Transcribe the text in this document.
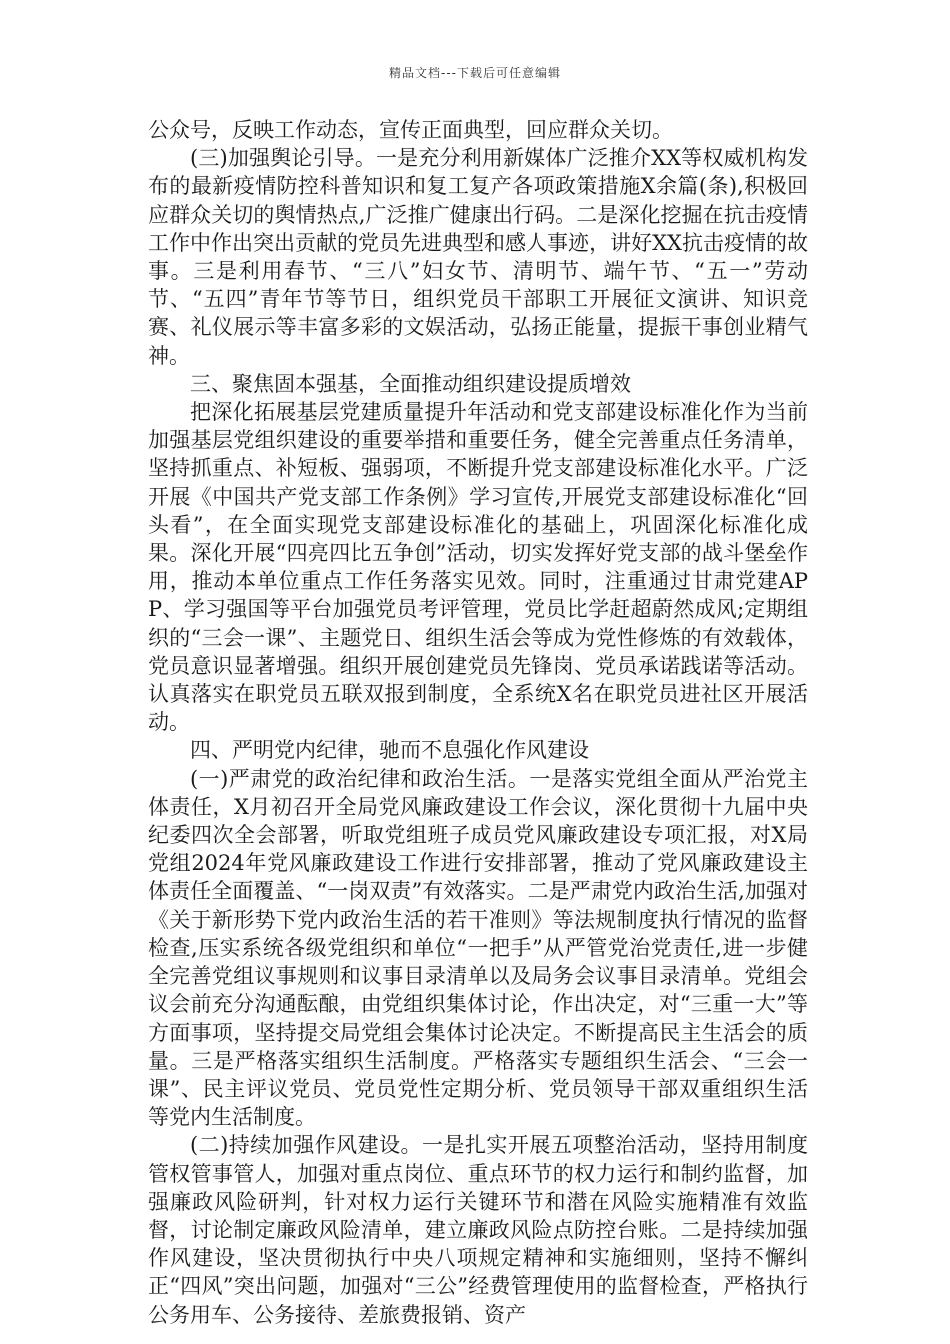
精品文档---下载后可任意编辑

公众号，反映工作动态，宣传正面典型，回应群众关切。

(三)加强舆论引导。一是充分利用新媒体广泛推介XX等权威机构发布的最新疫情防控科普知识和复工复产各项政策措施X余篇(条),积极回应群众关切的舆情热点,广泛推广健康出行码。二是深化挖掘在抗击疫情工作中作出突出贡献的党员先进典型和感人事迹，讲好XX抗击疫情的故事。三是利用春节、“三八”妇女节、清明节、端午节、“五一”劳动节、“五四”青年节等节日，组织党员干部职工开展征文演讲、知识竞赛、礼仪展示等丰富多彩的文娱活动，弘扬正能量，提振干事创业精气神。

三、聚焦固本强基，全面推动组织建设提质增效

把深化拓展基层党建质量提升年活动和党支部建设标准化作为当前加强基层党组织建设的重要举措和重要任务，健全完善重点任务清单，坚持抓重点、补短板、强弱项，不断提升党支部建设标准化水平。广泛开展《中国共产党支部工作条例》学习宣传,开展党支部建设标准化“回头看”，在全面实现党支部建设标准化的基础上，巩固深化标准化成果。深化开展“四亮四比五争创”活动，切实发挥好党支部的战斗堡垒作用，推动本单位重点工作任务落实见效。同时，注重通过甘肃党建APP、学习强国等平台加强党员考评管理，党员比学赶超蔚然成风;定期组织的“三会一课”、主题党日、组织生活会等成为党性修炼的有效载体，党员意识显著增强。组织开展创建党员先锋岗、党员承诺践诺等活动。认真落实在职党员五联双报到制度，全系统X名在职党员进社区开展活动。

四、严明党内纪律，驰而不息强化作风建设

(一)严肃党的政治纪律和政治生活。一是落实党组全面从严治党主体责任，X月初召开全局党风廉政建设工作会议，深化贯彻十九届中央纪委四次全会部署，听取党组班子成员党风廉政建设专项汇报，对X局党组2024年党风廉政建设工作进行安排部署，推动了党风廉政建设主体责任全面覆盖、“一岗双责”有效落实。二是严肃党内政治生活,加强对《关于新形势下党内政治生活的若干准则》等法规制度执行情况的监督检查,压实系统各级党组织和单位“一把手”从严管党治党责任,进一步健全完善党组议事规则和议事目录清单以及局务会议事目录清单。党组会议会前充分沟通酝酿，由党组织集体讨论，作出决定，对“三重一大”等方面事项，坚持提交局党组会集体讨论决定。不断提高民主生活会的质量。三是严格落实组织生活制度。严格落实专题组织生活会、“三会一课”、民主评议党员、党员党性定期分析、党员领导干部双重组织生活等党内生活制度。

(二)持续加强作风建设。一是扎实开展五项整治活动，坚持用制度管权管事管人，加强对重点岗位、重点环节的权力运行和制约监督，加强廉政风险研判，针对权力运行关键环节和潜在风险实施精准有效监督，讨论制定廉政风险清单，建立廉政风险点防控台账。二是持续加强作风建设，坚决贯彻执行中央八项规定精神和实施细则，坚持不懈纠正“四风”突出问题，加强对“三公”经费管理使用的监督检查，严格执行公务用车、公务接待、差旅费报销、资产
